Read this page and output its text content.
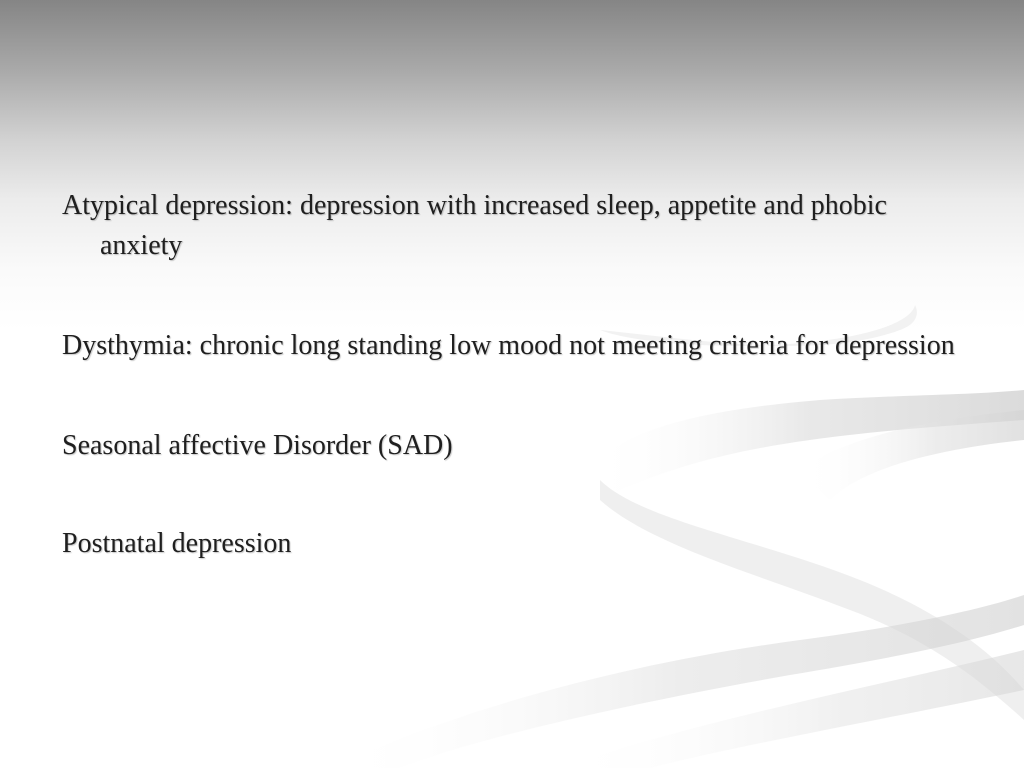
Atypical depression: depression with increased sleep, appetite and phobic anxiety

Dysthymia: chronic long standing low mood not meeting criteria for depression

Seasonal affective Disorder (SAD)

Postnatal depression
